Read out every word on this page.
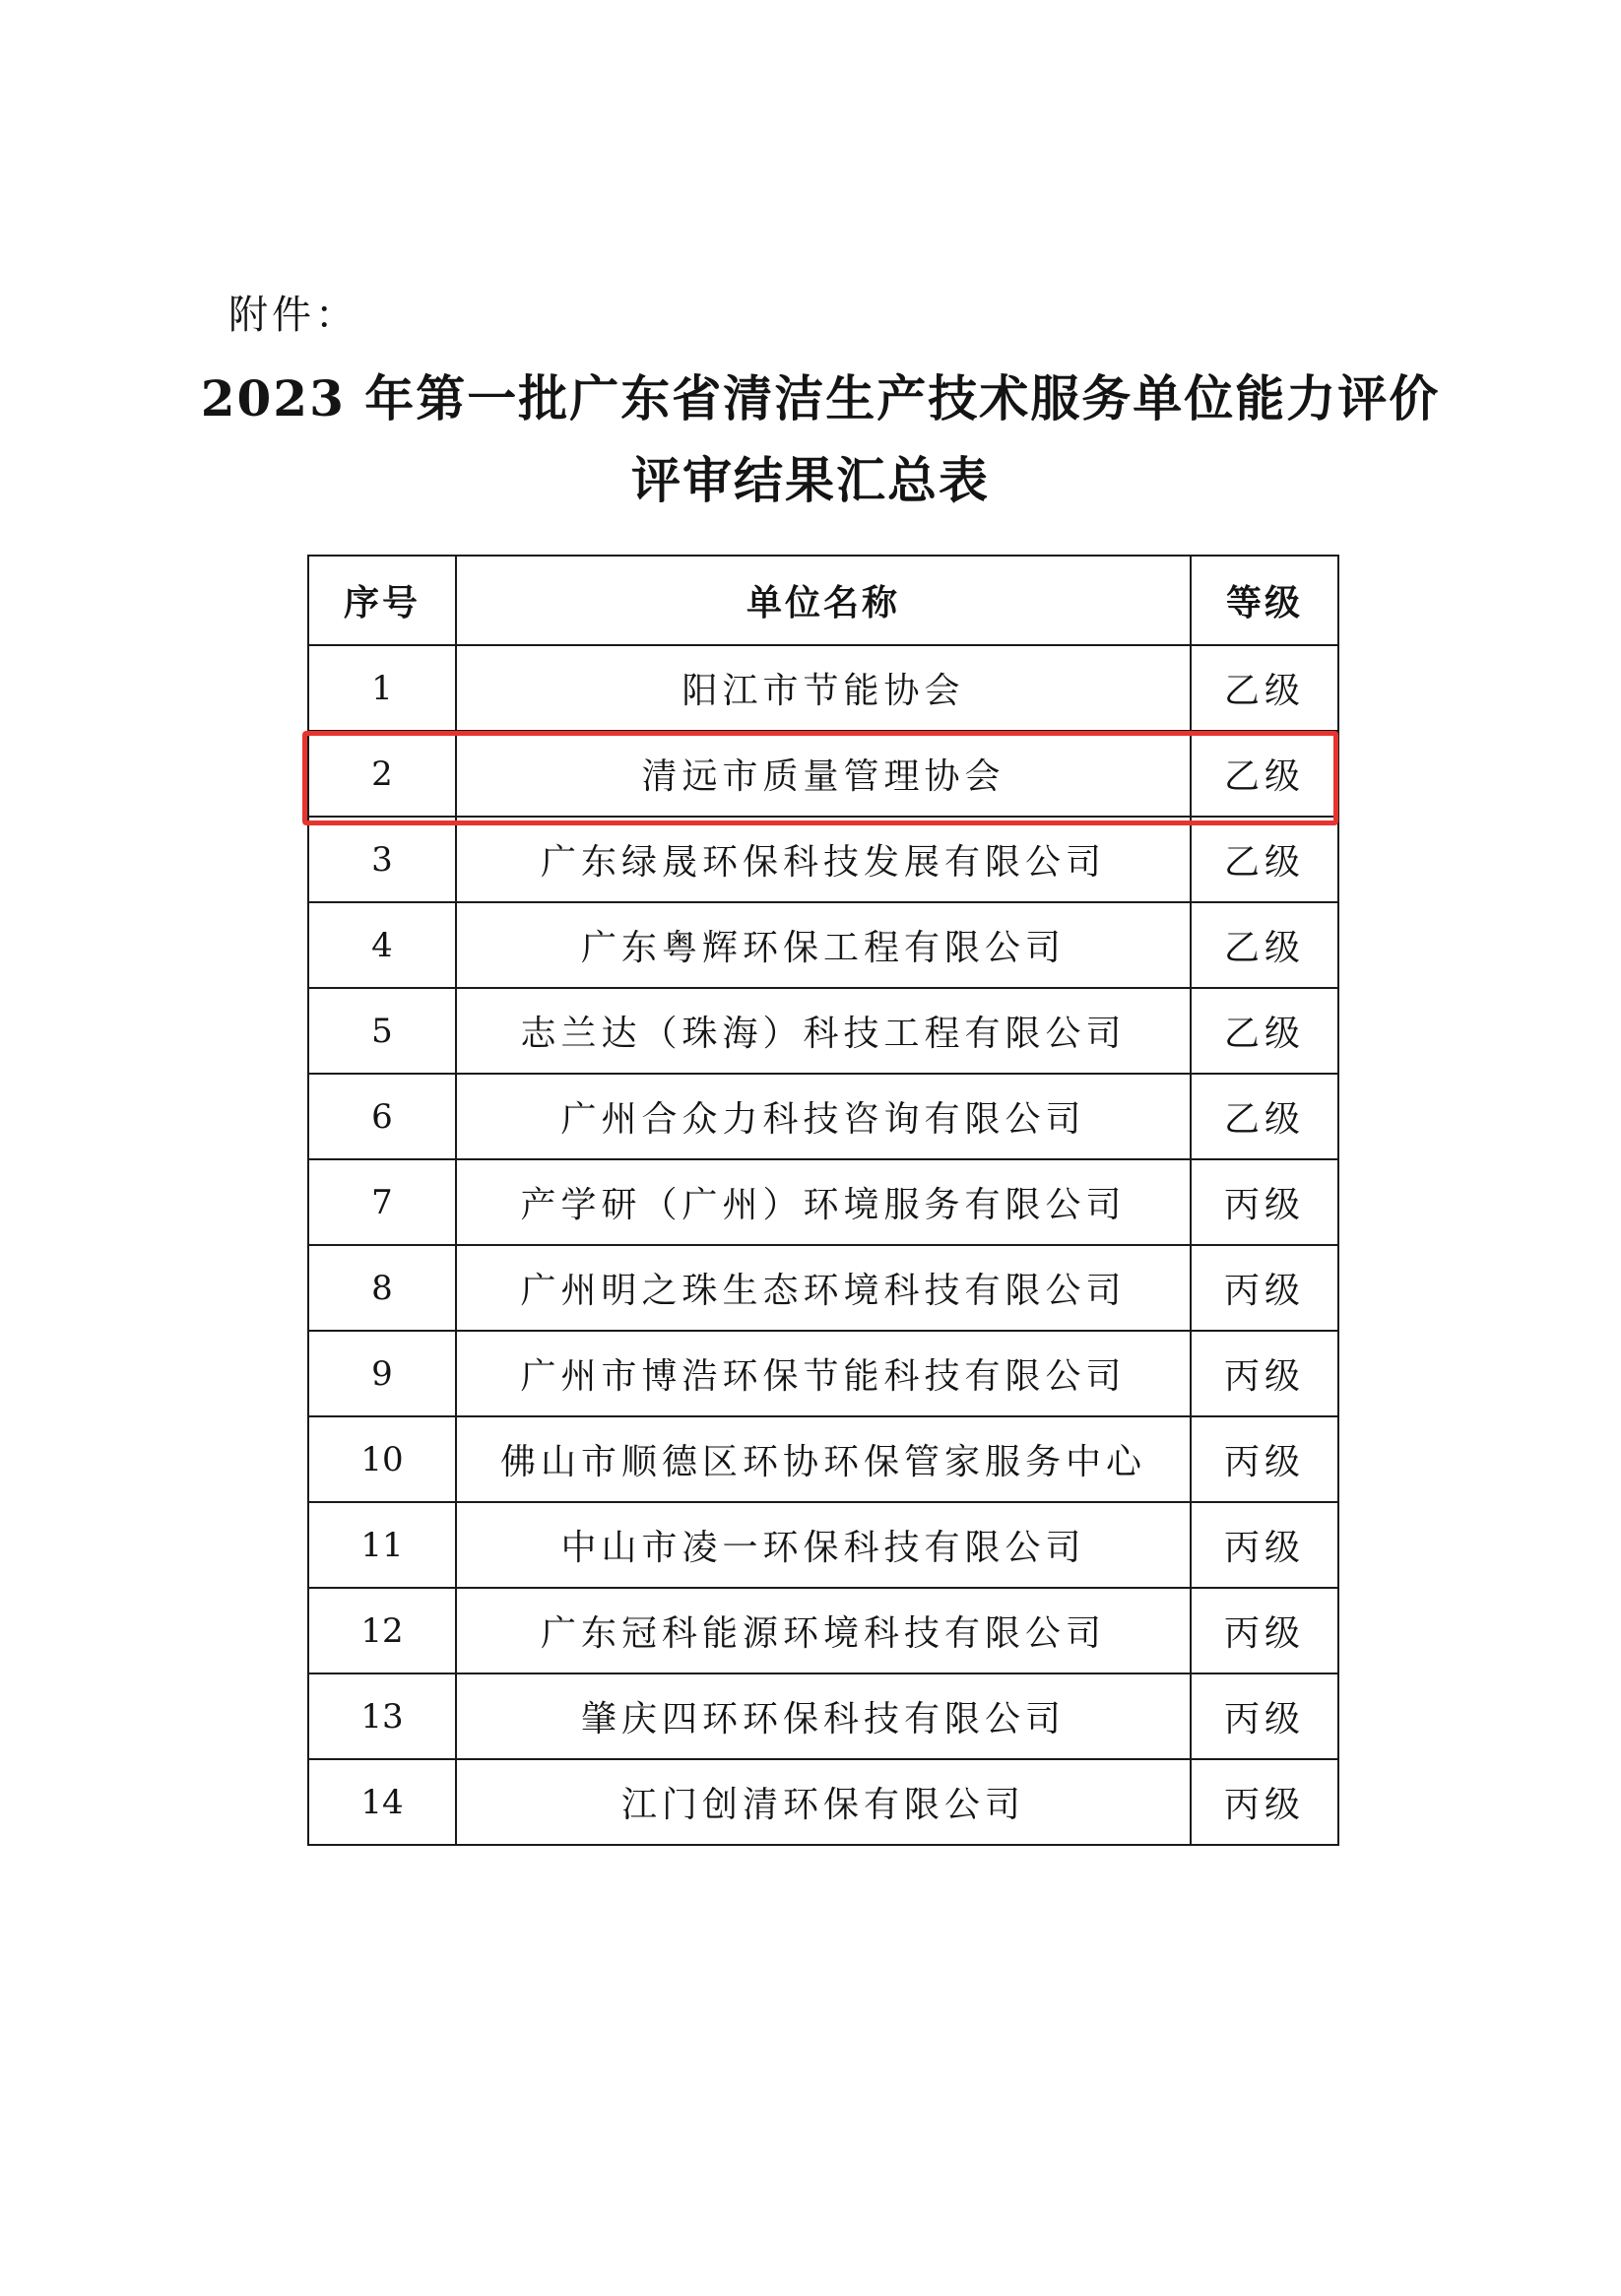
附件：
2023 年第一批广东省清洁生产技术服务单位能力评价
评审结果汇总表
序号	单位名称	等级
1	阳江市节能协会	乙级
2	清远市质量管理协会	乙级
3	广东绿晟环保科技发展有限公司	乙级
4	广东粤辉环保工程有限公司	乙级
5	志兰达（珠海）科技工程有限公司	乙级
6	广州合众力科技咨询有限公司	乙级
7	产学研（广州）环境服务有限公司	丙级
8	广州明之珠生态环境科技有限公司	丙级
9	广州市博浩环保节能科技有限公司	丙级
10	佛山市顺德区环协环保管家服务中心	丙级
11	中山市凌一环保科技有限公司	丙级
12	广东冠科能源环境科技有限公司	丙级
13	肇庆四环环保科技有限公司	丙级
14	江门创清环保有限公司	丙级
